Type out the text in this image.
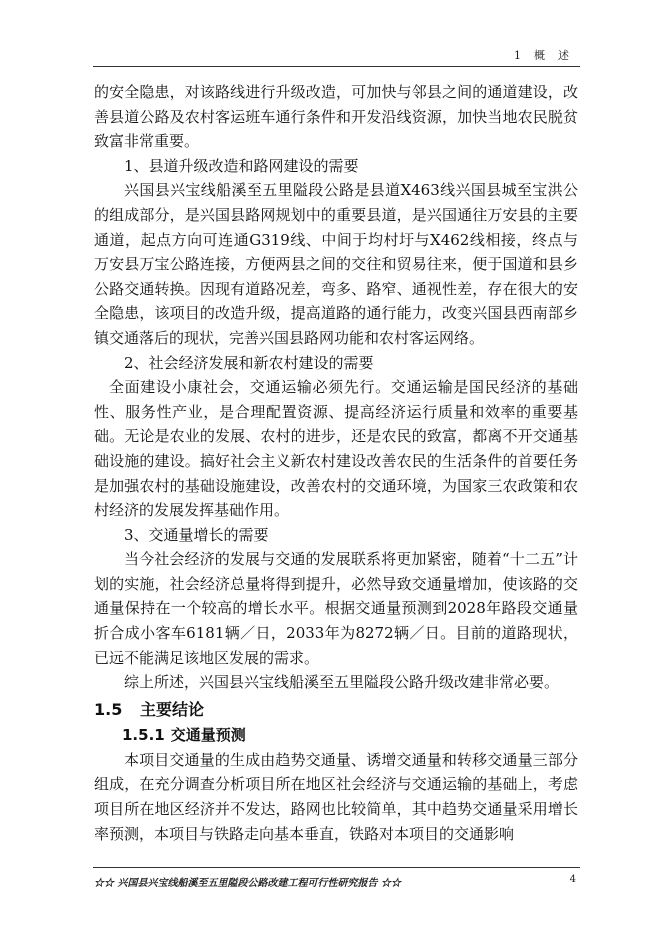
1　概　述

的安全隐患，对该路线进行升级改造，可加快与邻县之间的通道建设，改善县道公路及农村客运班车通行条件和开发沿线资源，加快当地农民脱贫致富非常重要。

1、县道升级改造和路网建设的需要

兴国县兴宝线船溪至五里隘段公路是县道X463线兴国县城至宝洪公的组成部分，是兴国县路网规划中的重要县道，是兴国通往万安县的主要通道，起点方向可连通G319线、中间于均村圩与X462线相接，终点与万安县万宝公路连接，方便两县之间的交往和贸易往来，便于国道和县乡公路交通转换。因现有道路况差，弯多、路窄、通视性差，存在很大的安全隐患，该项目的改造升级，提高道路的通行能力，改变兴国县西南部乡镇交通落后的现状，完善兴国县路网功能和农村客运网络。

2、社会经济发展和新农村建设的需要

全面建设小康社会，交通运输必须先行。交通运输是国民经济的基础性、服务性产业，是合理配置资源、提高经济运行质量和效率的重要基础。无论是农业的发展、农村的进步，还是农民的致富，都离不开交通基础设施的建设。搞好社会主义新农村建设改善农民的生活条件的首要任务是加强农村的基础设施建设，改善农村的交通环境，为国家三农政策和农村经济的发展发挥基础作用。

3、交通量增长的需要

当今社会经济的发展与交通的发展联系将更加紧密，随着“十二五”计划的实施，社会经济总量将得到提升，必然导致交通量增加，使该路的交通量保持在一个较高的增长水平。根据交通量预测到2028年路段交通量折合成小客车6181辆／日，2033年为8272辆／日。目前的道路现状，已远不能满足该地区发展的需求。

综上所述，兴国县兴宝线船溪至五里隘段公路升级改建非常必要。

1.5 主要结论
1.5.1 交通量预测

本项目交通量的生成由趋势交通量、诱增交通量和转移交通量三部分组成，在充分调查分析项目所在地区社会经济与交通运输的基础上，考虑项目所在地区经济并不发达，路网也比较简单，其中趋势交通量采用增长率预测，本项目与铁路走向基本垂直，铁路对本项目的交通影响

☆☆ 兴国县兴宝线船溪至五里隘段公路改建工程可行性研究报告 ☆☆	4
